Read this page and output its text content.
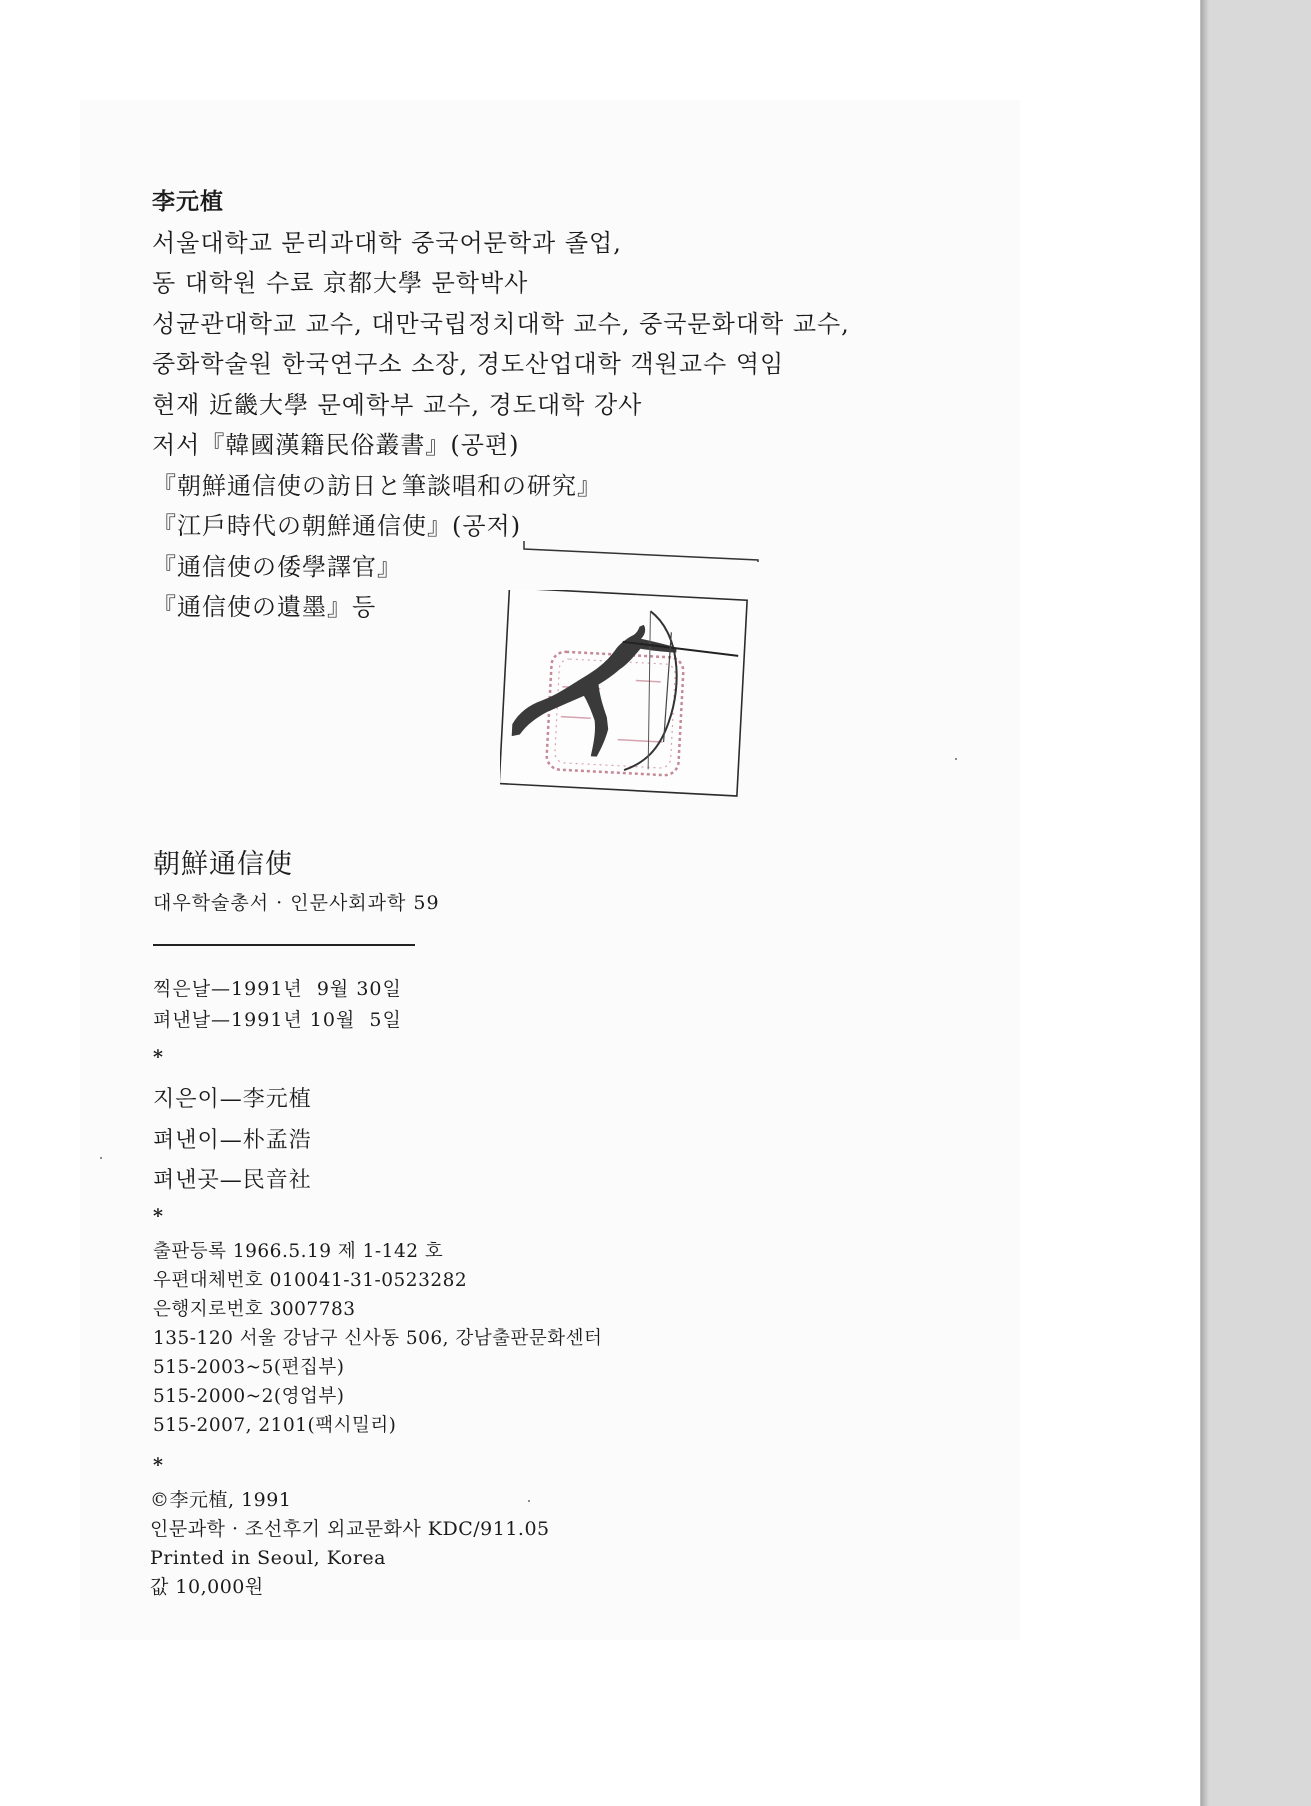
李元植
서울대학교 문리과대학 중국어문학과 졸업,
동 대학원 수료 京都大學 문학박사
성균관대학교 교수, 대만국립정치대학 교수, 중국문화대학 교수,
중화학술원 한국연구소 소장, 경도산업대학 객원교수 역임
현재 近畿大學 문예학부 교수, 경도대학 강사
저서『韓國漢籍民俗叢書』(공편)
『朝鮮通信使の訪日と筆談唱和の研究』
『江戶時代の朝鮮通信使』(공저)
『通信使の倭學譯官』
『通信使の遺墨』등
朝鮮通信使
대우학술총서 · 인문사회과학 59
찍은날—1991년  9월 30일
펴낸날—1991년 10월  5일
*
지은이—李元植
펴낸이—朴孟浩
펴낸곳—民音社
*
출판등록 1966.5.19 제 1-142 호
우편대체번호 010041-31-0523282
은행지로번호 3007783
135-120 서울 강남구 신사동 506, 강남출판문화센터
515-2003~5(편집부)
515-2000~2(영업부)
515-2007, 2101(팩시밀리)
*
©李元植, 1991
인문과학 · 조선후기 외교문화사 KDC/911.05
Printed in Seoul, Korea
값 10,000원
